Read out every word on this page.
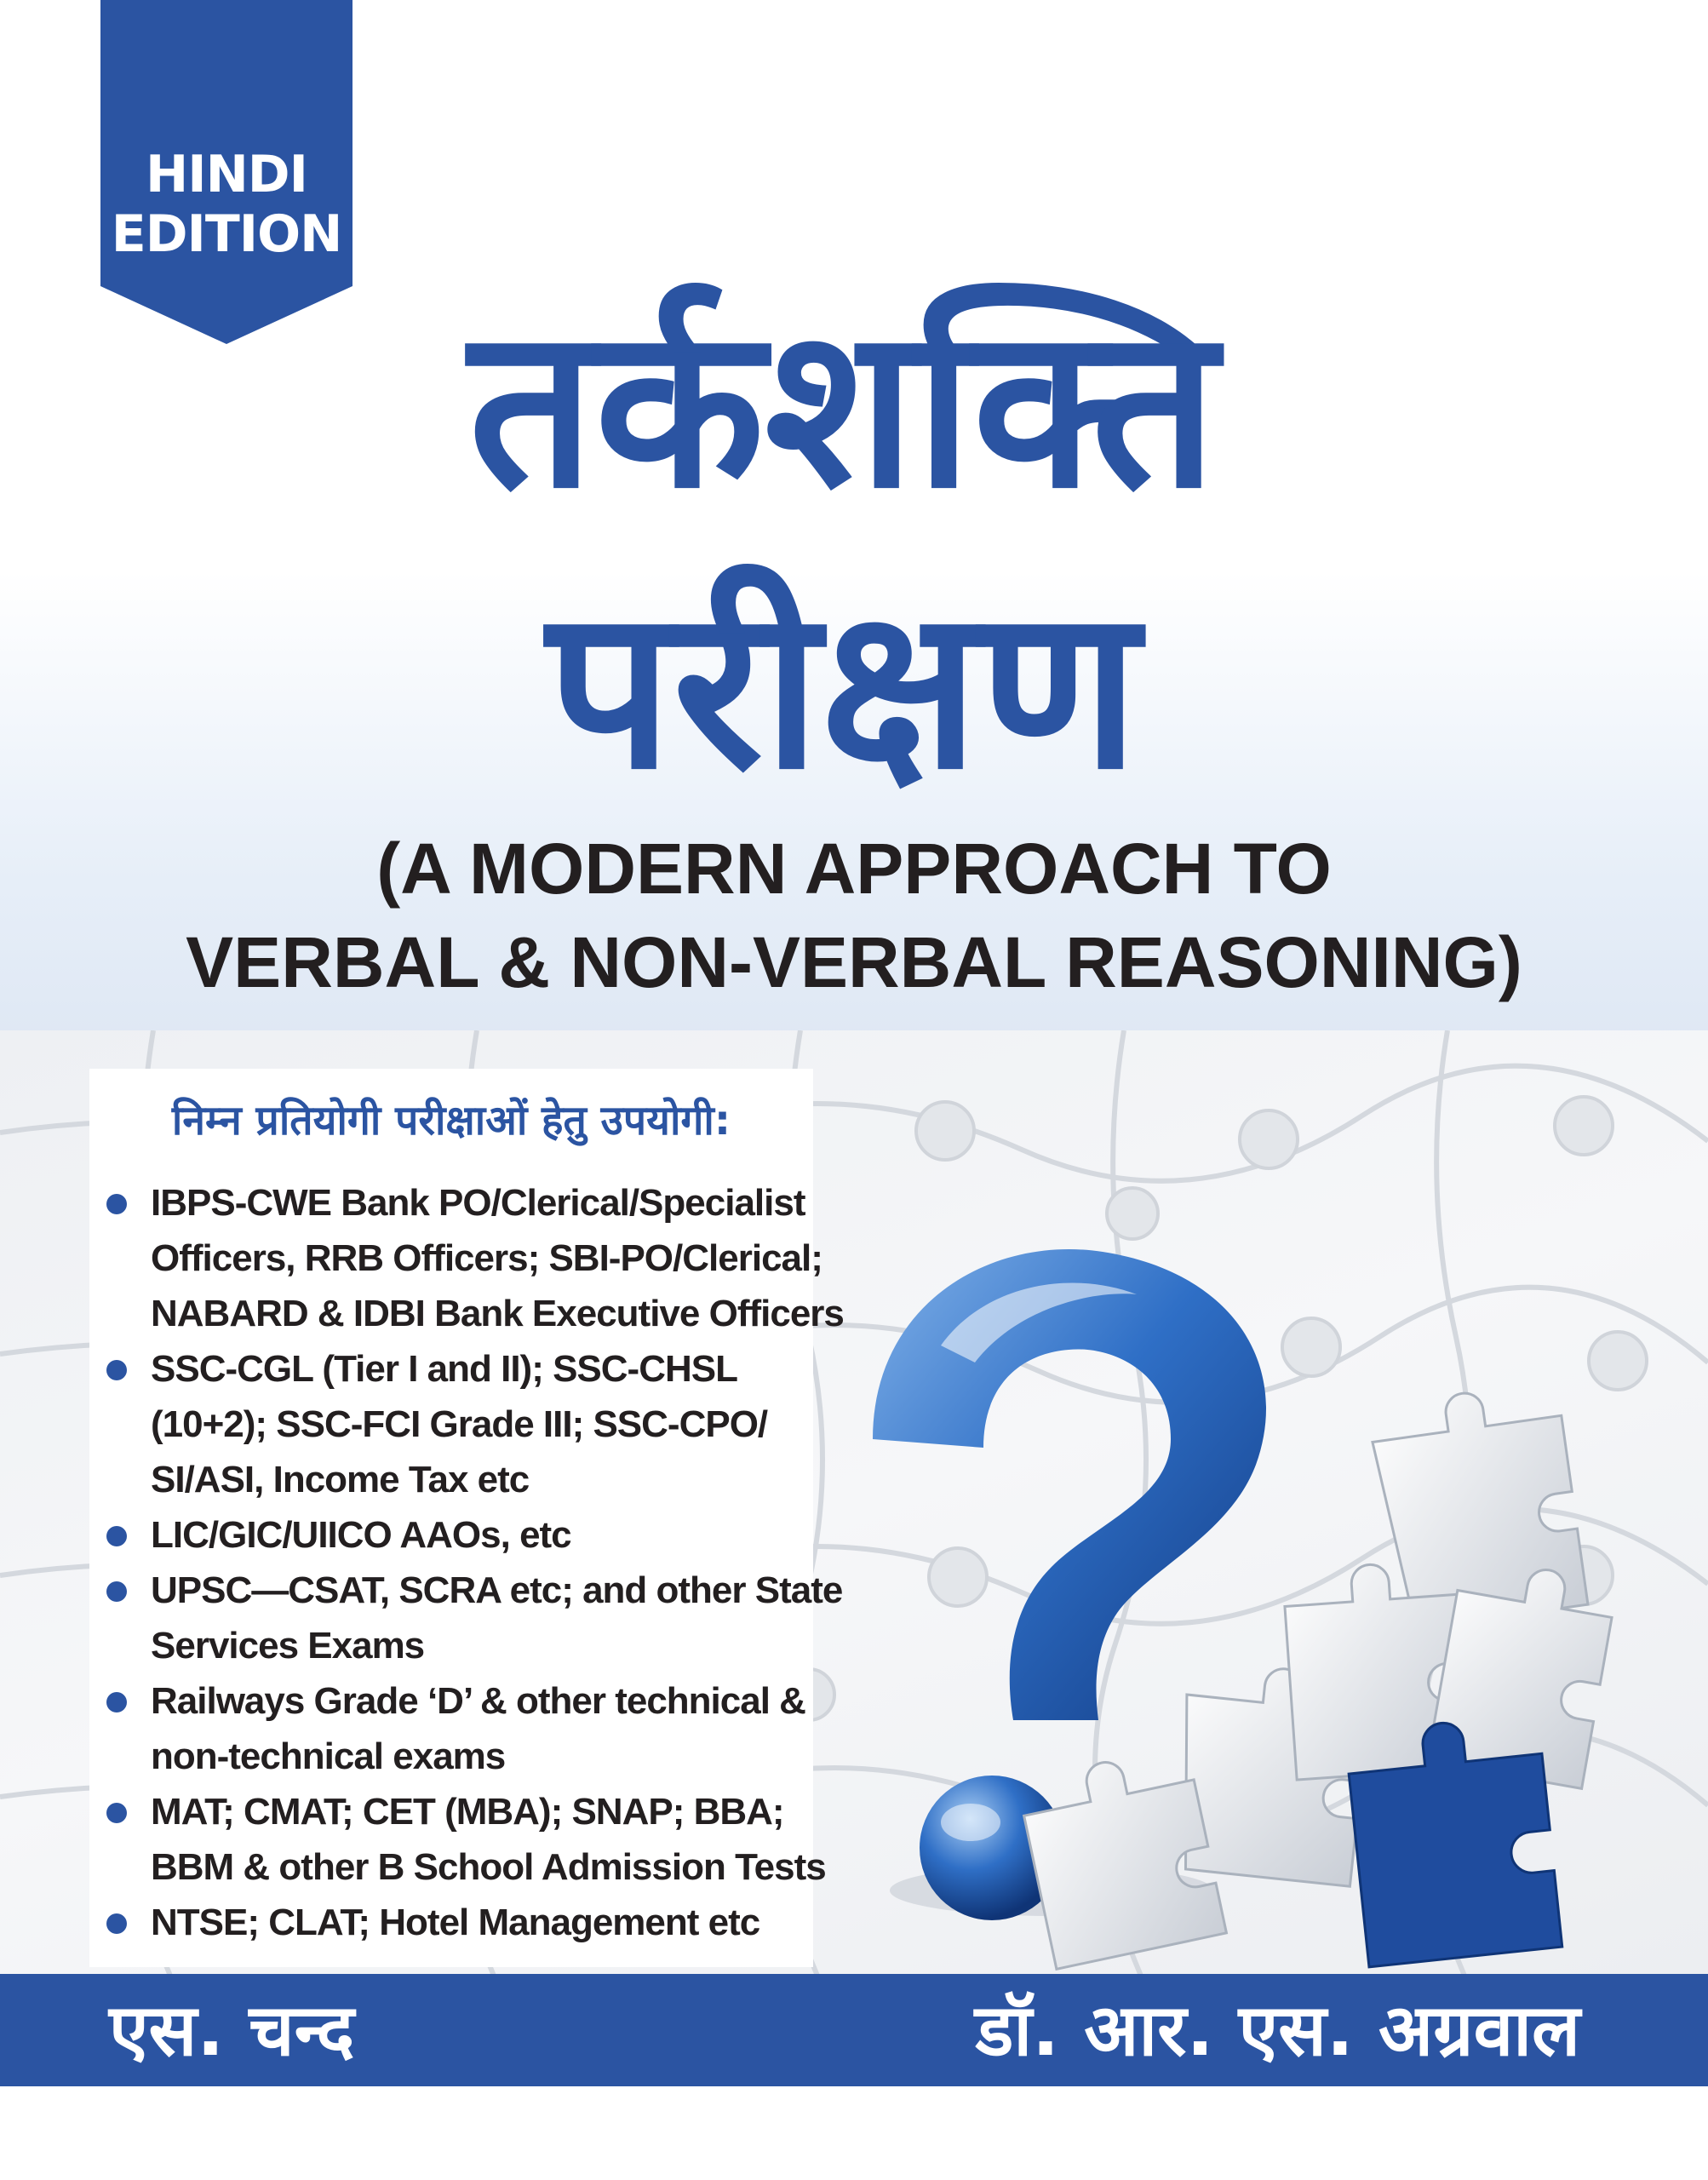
HINDI
EDITION
तर्कशक्ति
परीक्षण
(A MODERN APPROACH TO
VERBAL & NON-VERBAL REASONING)
निम्न प्रतियोगी परीक्षाओं हेतु उपयोगी:
IBPS-CWE Bank PO/Clerical/Specialist
Officers, RRB Officers; SBI-PO/Clerical;
NABARD & IDBI Bank Executive Officers
SSC-CGL (Tier I and II); SSC-CHSL
(10+2); SSC-FCI Grade III; SSC-CPO/
SI/ASI, Income Tax etc
LIC/GIC/UIICO AAOs, etc
UPSC—CSAT, SCRA etc; and other State
Services Exams
Railways Grade ‘D’ & other technical &
non-technical exams
MAT; CMAT; CET (MBA); SNAP; BBA;
BBM & other B School Admission Tests
NTSE; CLAT; Hotel Management etc
एस. चन्द	डॉ. आर. एस. अग्रवाल
